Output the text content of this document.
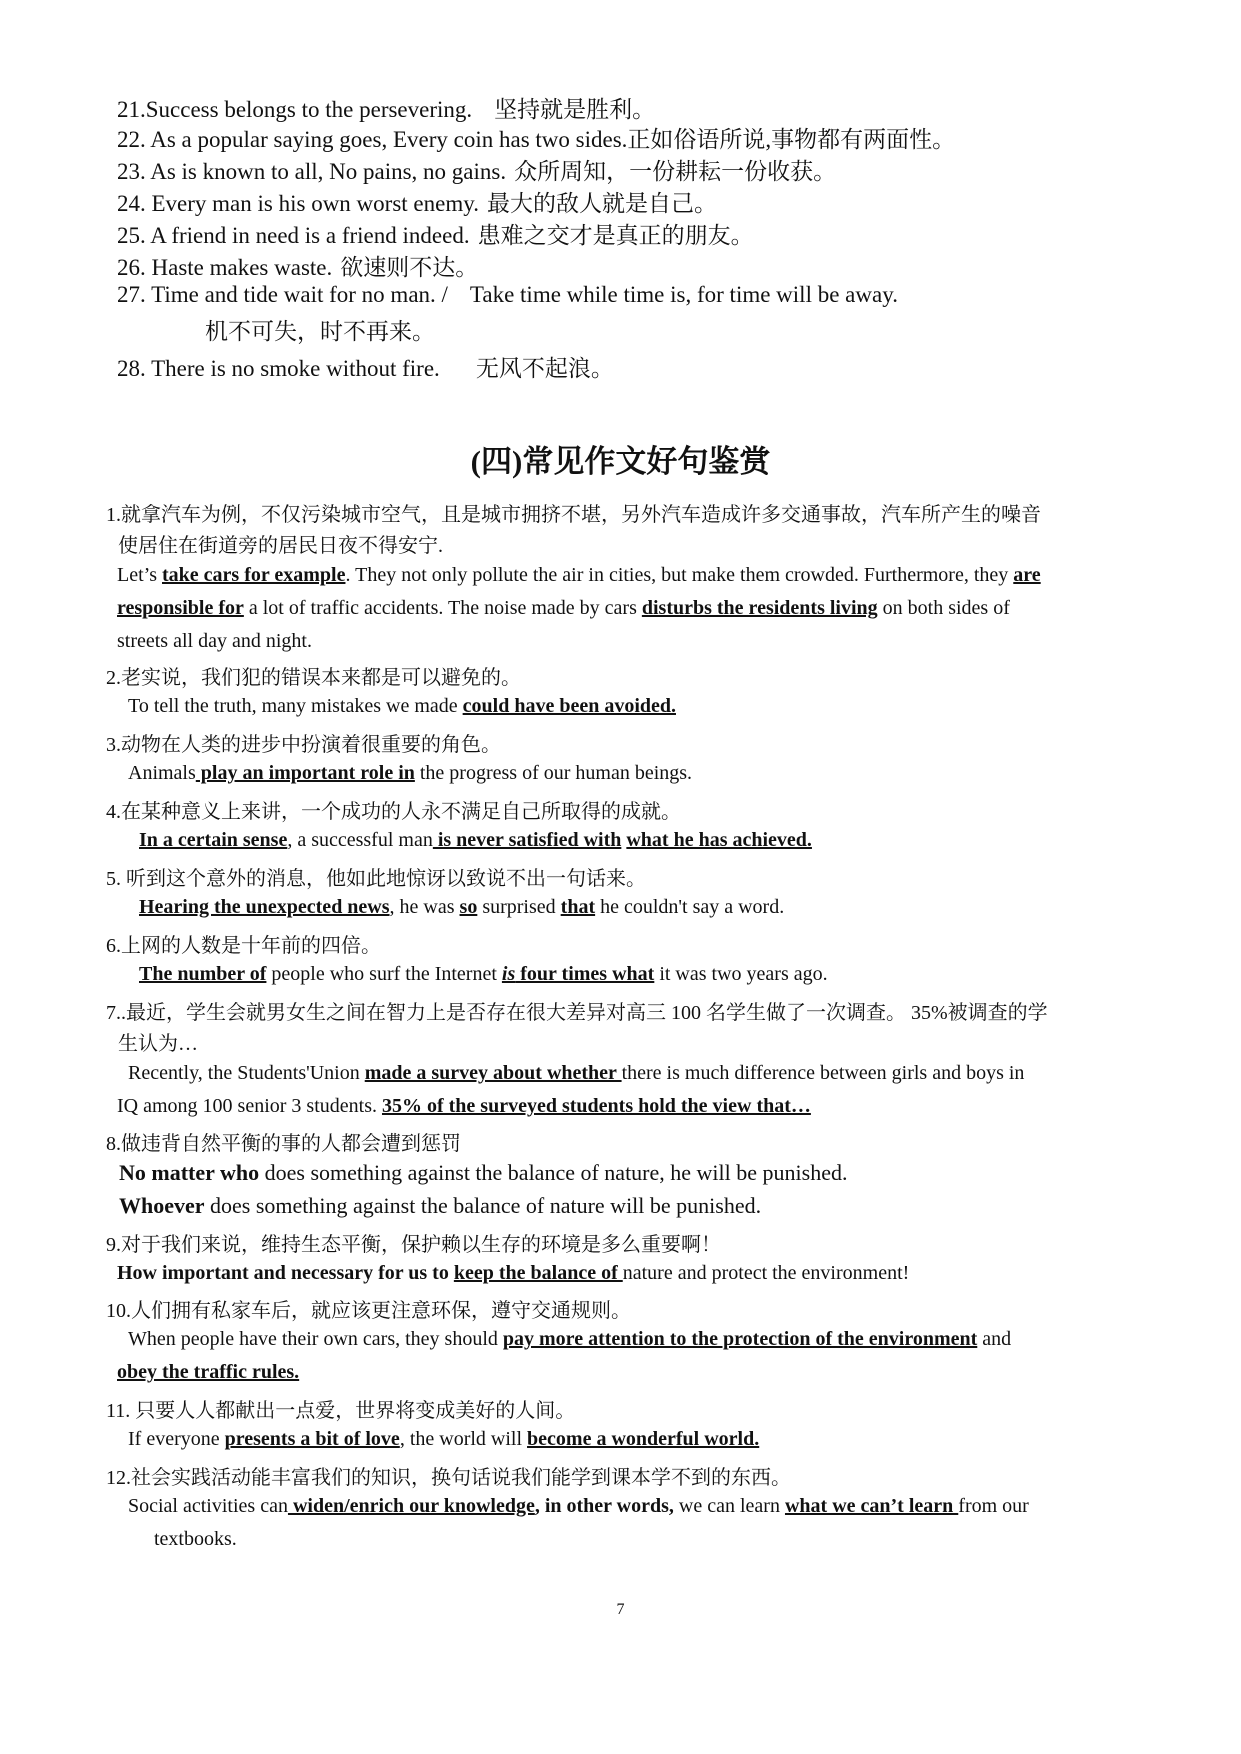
21.Success belongs to the persevering. 坚持就是胜利。
22. As a popular saying goes, Every coin has two sides.正如俗语所说,事物都有两面性。
23. As is known to all, No pains, no gains. 众所周知，一份耕耘一份收获。
24. Every man is his own worst enemy. 最大的敌人就是自己。
25. A friend in need is a friend indeed. 患难之交才是真正的朋友。
26. Haste makes waste. 欲速则不达。
27. Time and tide wait for no man. / Take time while time is, for time will be away.
机不可失，时不再来。
28. There is no smoke without fire. 无风不起浪。
(四)常见作文好句鉴赏
1.就拿汽车为例，不仅污染城市空气，且是城市拥挤不堪，另外汽车造成许多交通事故，汽车所产生的噪音
使居住在街道旁的居民日夜不得安宁.
Let’s take cars for example. They not only pollute the air in cities, but make them crowded. Furthermore, they are
responsible for a lot of traffic accidents. The noise made by cars disturbs the residents living on both sides of
streets all day and night.
2.老实说，我们犯的错误本来都是可以避免的。
To tell the truth, many mistakes we made could have been avoided.
3.动物在人类的进步中扮演着很重要的角色。
Animals play an important role in the progress of our human beings.
4.在某种意义上来讲，一个成功的人永不满足自己所取得的成就。
In a certain sense, a successful man is never satisfied with what he has achieved.
5. 听到这个意外的消息，他如此地惊讶以致说不出一句话来。
Hearing the unexpected news, he was so surprised that he couldn't say a word.
6.上网的人数是十年前的四倍。
The number of people who surf the Internet is four times what it was two years ago.
7..最近，学生会就男女生之间在智力上是否存在很大差异对高三 100 名学生做了一次调查。 35%被调查的学
生认为…
Recently, the Students'Union made a survey about whether there is much difference between girls and boys in
IQ among 100 senior 3 students. 35% of the surveyed students hold the view that…
8.做违背自然平衡的事的人都会遭到惩罚
No matter who does something against the balance of nature, he will be punished.
Whoever does something against the balance of nature will be punished.
9.对于我们来说，维持生态平衡，保护赖以生存的环境是多么重要啊！
How important and necessary for us to keep the balance of nature and protect the environment!
10.人们拥有私家车后，就应该更注意环保，遵守交通规则。
When people have their own cars, they should pay more attention to the protection of the environment and
obey the traffic rules.
11. 只要人人都献出一点爱，世界将变成美好的人间。
If everyone presents a bit of love, the world will become a wonderful world.
12.社会实践活动能丰富我们的知识，换句话说我们能学到课本学不到的东西。
Social activities can widen/enrich our knowledge, in other words, we can learn what we can’t learn from our
textbooks.
7
